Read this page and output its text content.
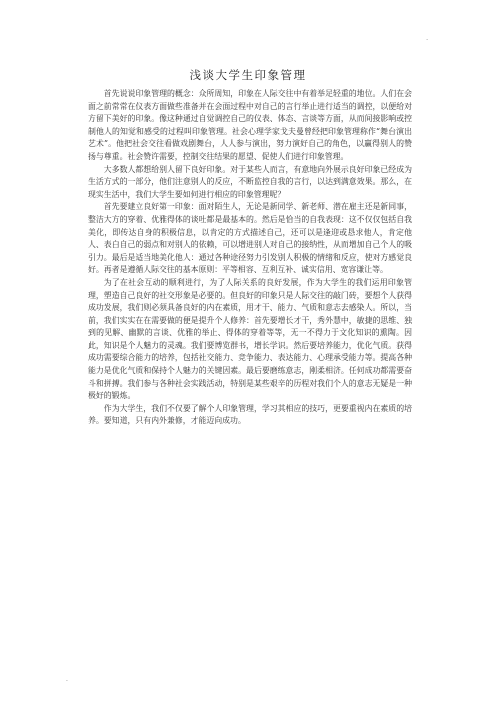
.
浅谈大学生印象管理

首先说说印象管理的概念：众所周知，印象在人际交往中有着举足轻重的地位。人们在会面之前常常在仪表方面做些准备并在会面过程中对自己的言行举止进行适当的调控，以便给对方留下美好的印象。像这种通过自觉调控自己的仪表、体态、言谈等方面，从而间接影响或控制他人的知觉和感受的过程叫印象管理。社会心理学家戈夫曼曾经把印象管理称作“舞台演出艺术”。他把社会交往看做戏剧舞台，人人参与演出，努力演好自己的角色，以赢得别人的赞扬与尊重。社会赞许需要，控制交往结果的愿望、促使人们进行印象管理。

大多数人都想给别人留下良好印象。对于某些人而言，有意地向外展示良好印象已经成为生活方式的一部分，他们注意别人的反应，不断监控自我的言行，以达到满意效果。那么，在现实生活中，我们大学生要如何进行相应的印象管理呢？

首先要建立良好第一印象：面对陌生人，无论是新同学、新老师、潜在雇主还是新同事，整洁大方的穿着、优雅得体的谈吐都是最基本的。然后是恰当的自我表现：这不仅仅包括自我美化，即传达自身的积极信息，以肯定的方式描述自己，还可以是逢迎或恳求他人，肯定他人、表白自己的弱点和对别人的依赖，可以增进别人对自己的接纳性，从而增加自己个人的吸引力。最后是适当地美化他人：通过各种途径努力引发别人积极的情绪和反应，使对方感觉良好。再者是遵循人际交往的基本原则：平等相容、互利互补、诚实信用、宽容谦让等。

为了在社会互动的顺利进行，为了人际关系的良好发展，作为大学生的我们运用印象管理，塑造自己良好的社交形象是必要的。但良好的印象只是人际交往的敲门砖，要想个人获得成功发展，我们则必须具备良好的内在素质，用才干、能力、气质和意志去感染人。所以，当前，我们实实在在需要做的便是提升个人修养：首先要增长才干，秀外慧中，敏捷的思维、独到的见解、幽默的言谈、优雅的举止、得体的穿着等等，无一不得力于文化知识的熏陶。因此，知识是个人魅力的灵魂。我们要博览群书，增长学识。然后要培养能力，优化气质。获得成功需要综合能力的培养，包括社交能力、竞争能力、表达能力、心理承受能力等。提高各种能力是优化气质和保持个人魅力的关键因素。最后要磨练意志，刚柔相济。任何成功都需要奋斗和拼搏。我们参与各种社会实践活动，特别是某些艰辛的历程对我们个人的意志无疑是一种极好的锻炼。

作为大学生，我们不仅要了解个人印象管理，学习其相应的技巧，更要重视内在素质的培养。要知道，只有内外兼修，才能迈向成功。

.
